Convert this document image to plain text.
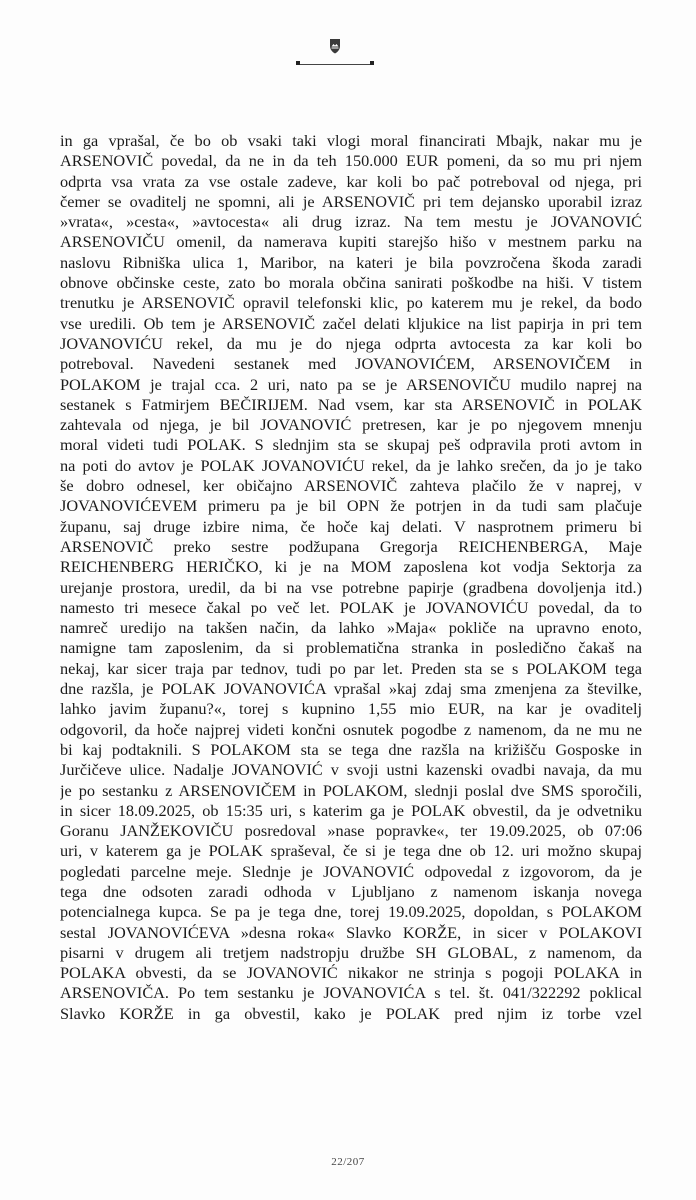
in ga vprašal, če bo ob vsaki taki vlogi moral financirati Mbajk, nakar mu je
ARSENOVIČ povedal, da ne in da teh 150.000 EUR pomeni, da so mu pri njem
odprta vsa vrata za vse ostale zadeve, kar koli bo pač potreboval od njega, pri
čemer se ovaditelj ne spomni, ali je ARSENOVIČ pri tem dejansko uporabil izraz
»vrata«, »cesta«, »avtocesta« ali drug izraz. Na tem mestu je JOVANOVIĆ
ARSENOVIČU omenil, da namerava kupiti starejšo hišo v mestnem parku na
naslovu Ribniška ulica 1, Maribor, na kateri je bila povzročena škoda zaradi
obnove občinske ceste, zato bo morala občina sanirati poškodbe na hiši. V tistem
trenutku je ARSENOVIČ opravil telefonski klic, po katerem mu je rekel, da bodo
vse uredili. Ob tem je ARSENOVIČ začel delati kljukice na list papirja in pri tem
JOVANOVIĆU rekel, da mu je do njega odprta avtocesta za kar koli bo
potreboval. Navedeni sestanek med JOVANOVIĆEM, ARSENOVIČEM in
POLAKOM je trajal cca. 2 uri, nato pa se je ARSENOVIČU mudilo naprej na
sestanek s Fatmirjem BEČIRIJEM. Nad vsem, kar sta ARSENOVIČ in POLAK
zahtevala od njega, je bil JOVANOVIĆ pretresen, kar je po njegovem mnenju
moral videti tudi POLAK. S slednjim sta se skupaj peš odpravila proti avtom in
na poti do avtov je POLAK JOVANOVIĆU rekel, da je lahko srečen, da jo je tako
še dobro odnesel, ker običajno ARSENOVIČ zahteva plačilo že v naprej, v
JOVANOVIĆEVEM primeru pa je bil OPN že potrjen in da tudi sam plačuje
županu, saj druge izbire nima, če hoče kaj delati. V nasprotnem primeru bi
ARSENOVIČ preko sestre podžupana Gregorja REICHENBERGA, Maje
REICHENBERG HERIČKO, ki je na MOM zaposlena kot vodja Sektorja za
urejanje prostora, uredil, da bi na vse potrebne papirje (gradbena dovoljenja itd.)
namesto tri mesece čakal po več let. POLAK je JOVANOVIĆU povedal, da to
namreč uredijo na takšen način, da lahko »Maja« pokliče na upravno enoto,
namigne tam zaposlenim, da si problematična stranka in posledično čakaš na
nekaj, kar sicer traja par tednov, tudi po par let. Preden sta se s POLAKOM tega
dne razšla, je POLAK JOVANOVIĆA vprašal »kaj zdaj sma zmenjena za številke,
lahko javim županu?«, torej s kupnino 1,55 mio EUR, na kar je ovaditelj
odgovoril, da hoče najprej videti končni osnutek pogodbe z namenom, da ne mu ne
bi kaj podtaknili. S POLAKOM sta se tega dne razšla na križišču Gosposke in
Jurčičeve ulice. Nadalje JOVANOVIĆ v svoji ustni kazenski ovadbi navaja, da mu
je po sestanku z ARSENOVIČEM in POLAKOM, slednji poslal dve SMS sporočili,
in sicer 18.09.2025, ob 15:35 uri, s katerim ga je POLAK obvestil, da je odvetniku
Goranu JANŽEKOVIČU posredoval »nase popravke«, ter 19.09.2025, ob 07:06
uri, v katerem ga je POLAK spraševal, če si je tega dne ob 12. uri možno skupaj
pogledati parcelne meje. Slednje je JOVANOVIĆ odpovedal z izgovorom, da je
tega dne odsoten zaradi odhoda v Ljubljano z namenom iskanja novega
potencialnega kupca. Se pa je tega dne, torej 19.09.2025, dopoldan, s POLAKOM
sestal JOVANOVIĆEVA »desna roka« Slavko KORŽE, in sicer v POLAKOVI
pisarni v drugem ali tretjem nadstropju družbe SH GLOBAL, z namenom, da
POLAKA obvesti, da se JOVANOVIĆ nikakor ne strinja s pogoji POLAKA in
ARSENOVIČA. Po tem sestanku je JOVANOVIĆA s tel. št. 041/322292 poklical
Slavko KORŽE in ga obvestil, kako je POLAK pred njim iz torbe vzel
22/207
